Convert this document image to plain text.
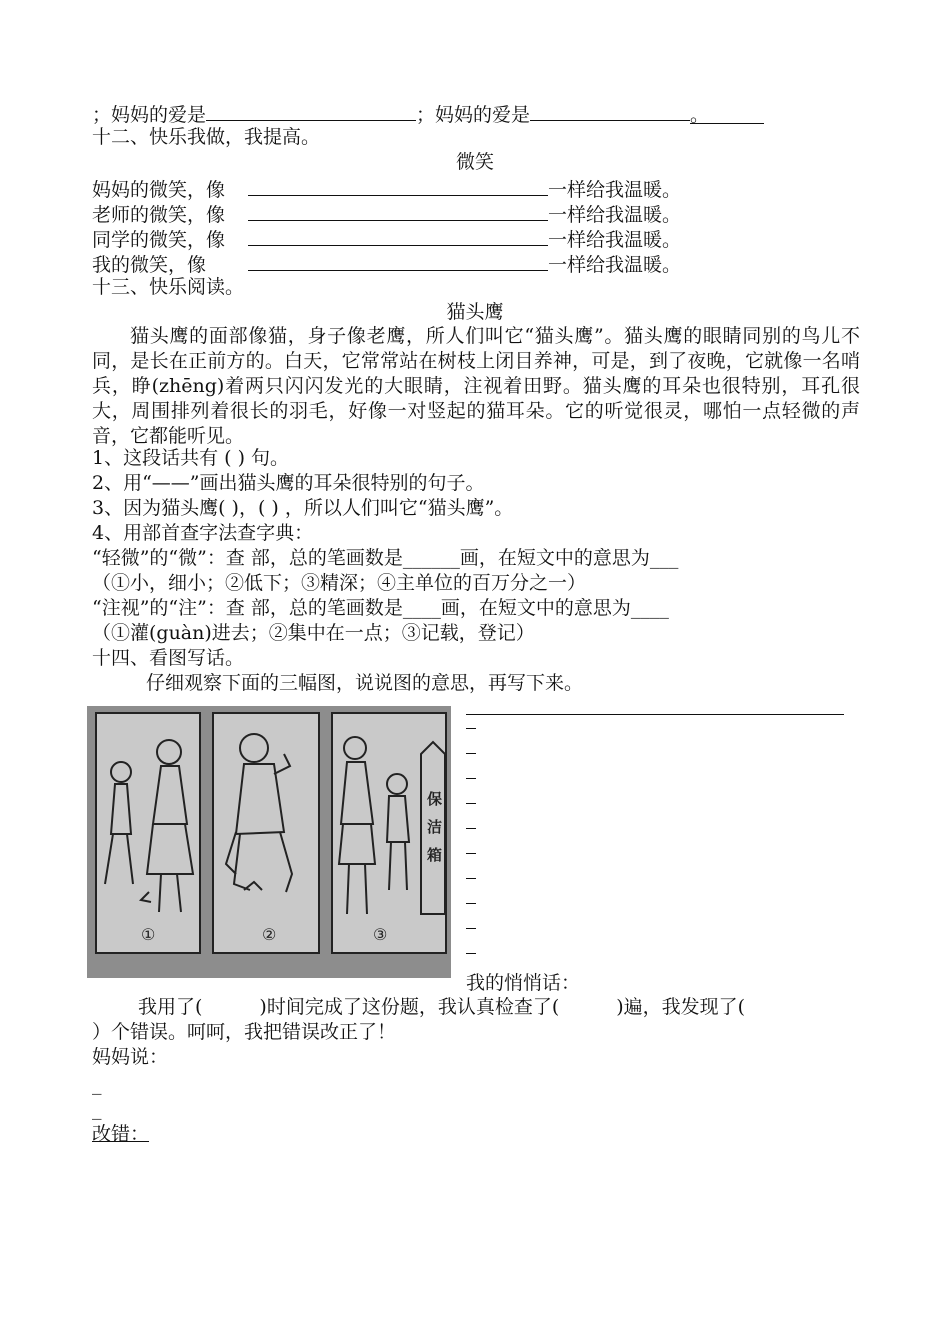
；妈妈的爱是	；妈妈的爱是	。
十二、快乐我做，我提高。
微笑
妈妈的微笑，像	一样给我温暖。
老师的微笑，像	一样给我温暖。
同学的微笑，像	一样给我温暖。
我的微笑，像	一样给我温暖。
十三、快乐阅读。
猫头鹰
猫头鹰的面部像猫，身子像老鹰，所人们叫它“猫头鹰”。猫头鹰的眼睛同别的鸟儿不同，是长在正前方的。白天，它常常站在树枝上闭目养神，可是，到了夜晚，它就像一名哨兵，睁(zhēng)着两只闪闪发光的大眼睛，注视着田野。猫头鹰的耳朵也很特别，耳孔很大，周围排列着很长的羽毛，好像一对竖起的猫耳朵。它的听觉很灵，哪怕一点轻微的声音，它都能听见。
1、这段话共有 ( ) 句。
2、用“——”画出猫头鹰的耳朵很特别的句子。
3、因为猫头鹰( )，( ) ，所以人们叫它“猫头鹰”。
4、用部首查字法查字典：
“轻微”的“微”：查 部，总的笔画数是______画，在短文中的意思为___
（①小，细小；②低下；③精深；④主单位的百万分之一）
“注视”的“注”：查 部，总的笔画数是____画，在短文中的意思为____
（①灌(guàn)进去；②集中在一点；③记载，登记）
十四、看图写话。
仔细观察下面的三幅图，说说图的意思，再写下来。
①	②
保
洁
箱
③
我的悄悄话：
我用了(　　　)时间完成了这份题，我认真检查了(　　　)遍，我发现了(
）个错误。呵呵，我把错误改正了！
妈妈说：
_
_
改错：
